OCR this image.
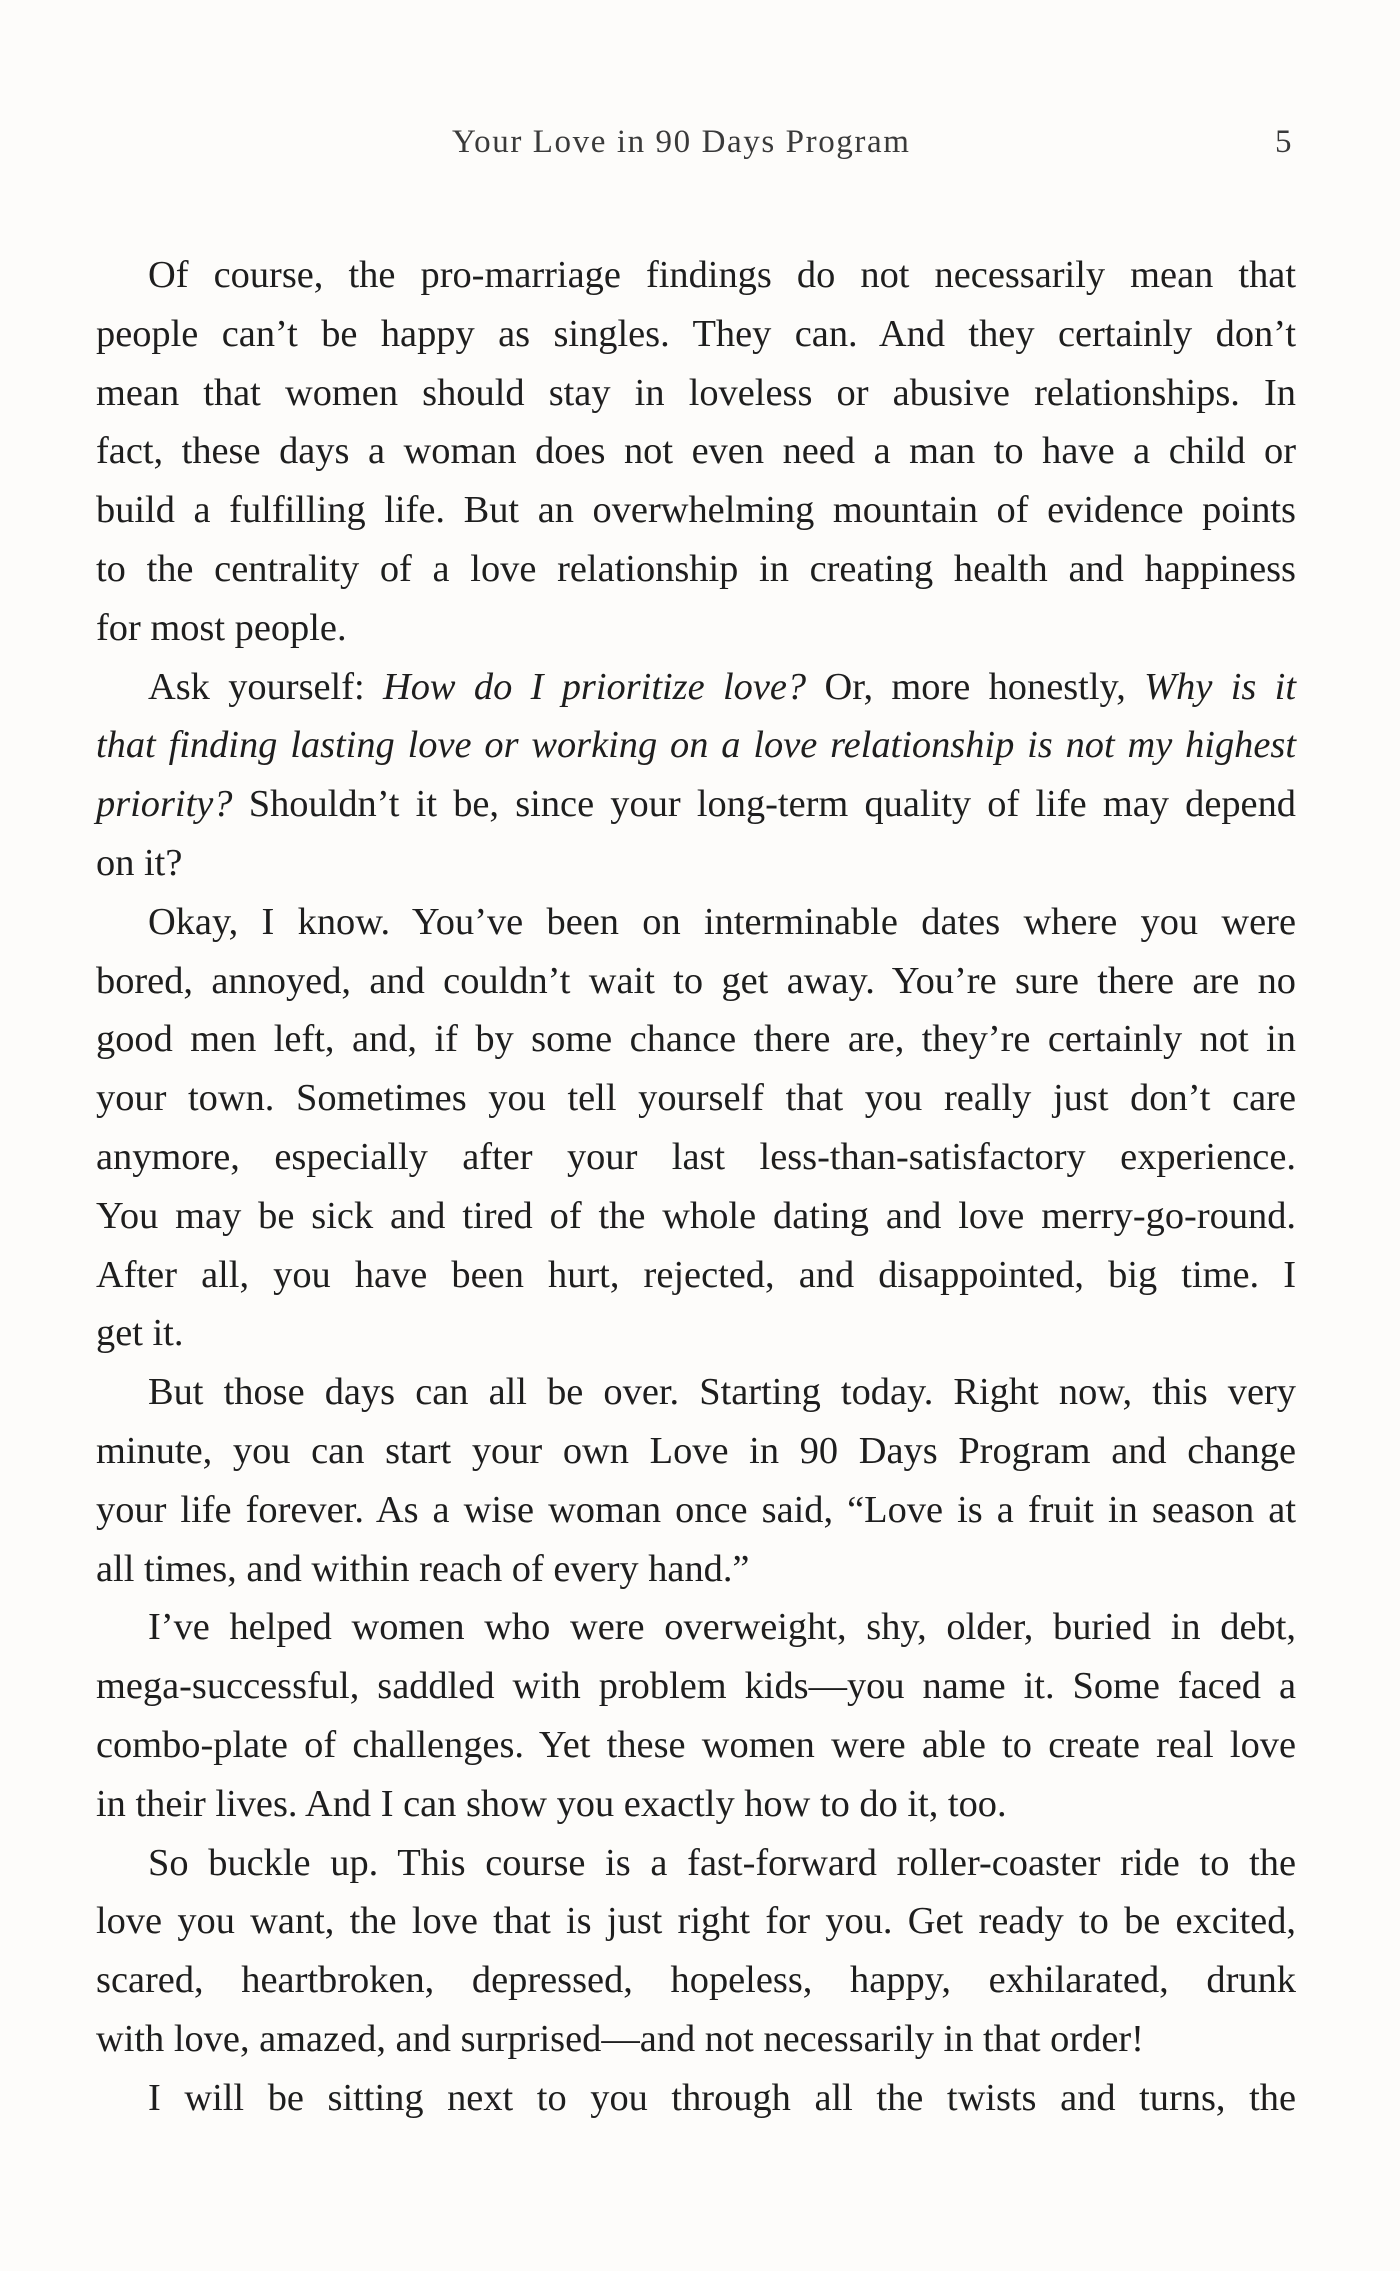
Your Love in 90 Days Program	5
Of course, the pro-marriage findings do not necessarily mean that
people can’t be happy as singles. They can. And they certainly don’t
mean that women should stay in loveless or abusive relationships. In
fact, these days a woman does not even need a man to have a child or
build a fulfilling life. But an overwhelming mountain of evidence points
to the centrality of a love relationship in creating health and happiness
for most people.
Ask yourself: How do I prioritize love? Or, more honestly, Why is it
that finding lasting love or working on a love relationship is not my highest
priority? Shouldn’t it be, since your long-term quality of life may depend
on it?
Okay, I know. You’ve been on interminable dates where you were
bored, annoyed, and couldn’t wait to get away. You’re sure there are no
good men left, and, if by some chance there are, they’re certainly not in
your town. Sometimes you tell yourself that you really just don’t care
anymore, especially after your last less-than-satisfactory experience.
You may be sick and tired of the whole dating and love merry-go-round.
After all, you have been hurt, rejected, and disappointed, big time. I
get it.
But those days can all be over. Starting today. Right now, this very
minute, you can start your own Love in 90 Days Program and change
your life forever. As a wise woman once said, “Love is a fruit in season at
all times, and within reach of every hand.”
I’ve helped women who were overweight, shy, older, buried in debt,
mega-successful, saddled with problem kids—you name it. Some faced a
combo-plate of challenges. Yet these women were able to create real love
in their lives. And I can show you exactly how to do it, too.
So buckle up. This course is a fast-forward roller-coaster ride to the
love you want, the love that is just right for you. Get ready to be excited,
scared, heartbroken, depressed, hopeless, happy, exhilarated, drunk
with love, amazed, and surprised—and not necessarily in that order!
I will be sitting next to you through all the twists and turns, the
